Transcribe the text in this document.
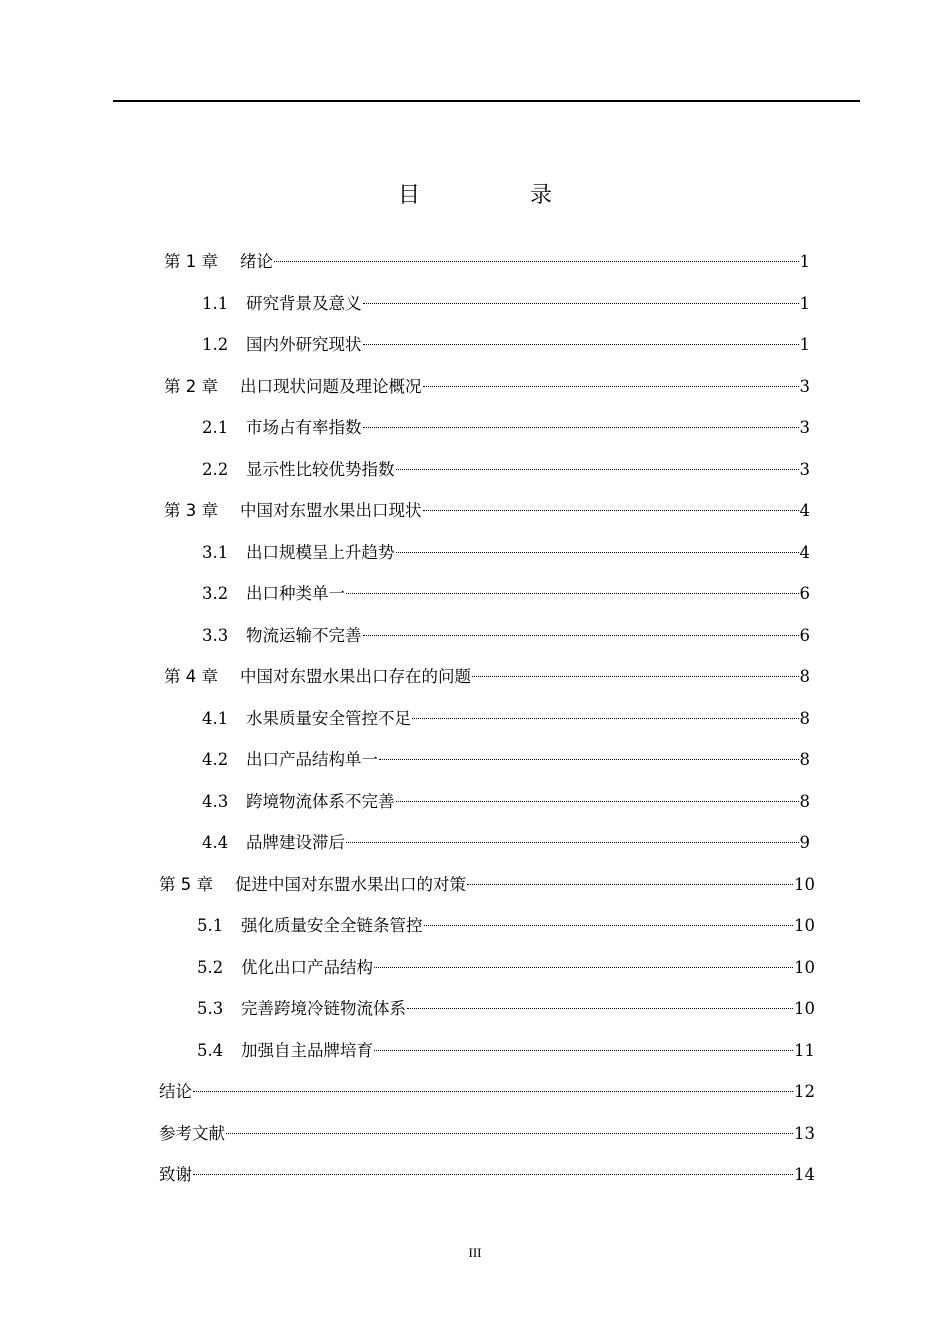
目　录
第 1 章	绪论	1
1.1	研究背景及意义	1
1.2	国内外研究现状	1
第 2 章	出口现状问题及理论概况	3
2.1	市场占有率指数	3
2.2	显示性比较优势指数	3
第 3 章	中国对东盟水果出口现状	4
3.1	出口规模呈上升趋势	4
3.2	出口种类单一	6
3.3	物流运输不完善	6
第 4 章	中国对东盟水果出口存在的问题	8
4.1	水果质量安全管控不足	8
4.2	出口产品结构单一	8
4.3	跨境物流体系不完善	8
4.4	品牌建设滞后	9
第 5 章	促进中国对东盟水果出口的对策	10
5.1	强化质量安全全链条管控	10
5.2	优化出口产品结构	10
5.3	完善跨境冷链物流体系	10
5.4	加强自主品牌培育	11
结论	12
参考文献	13
致谢	14
III
